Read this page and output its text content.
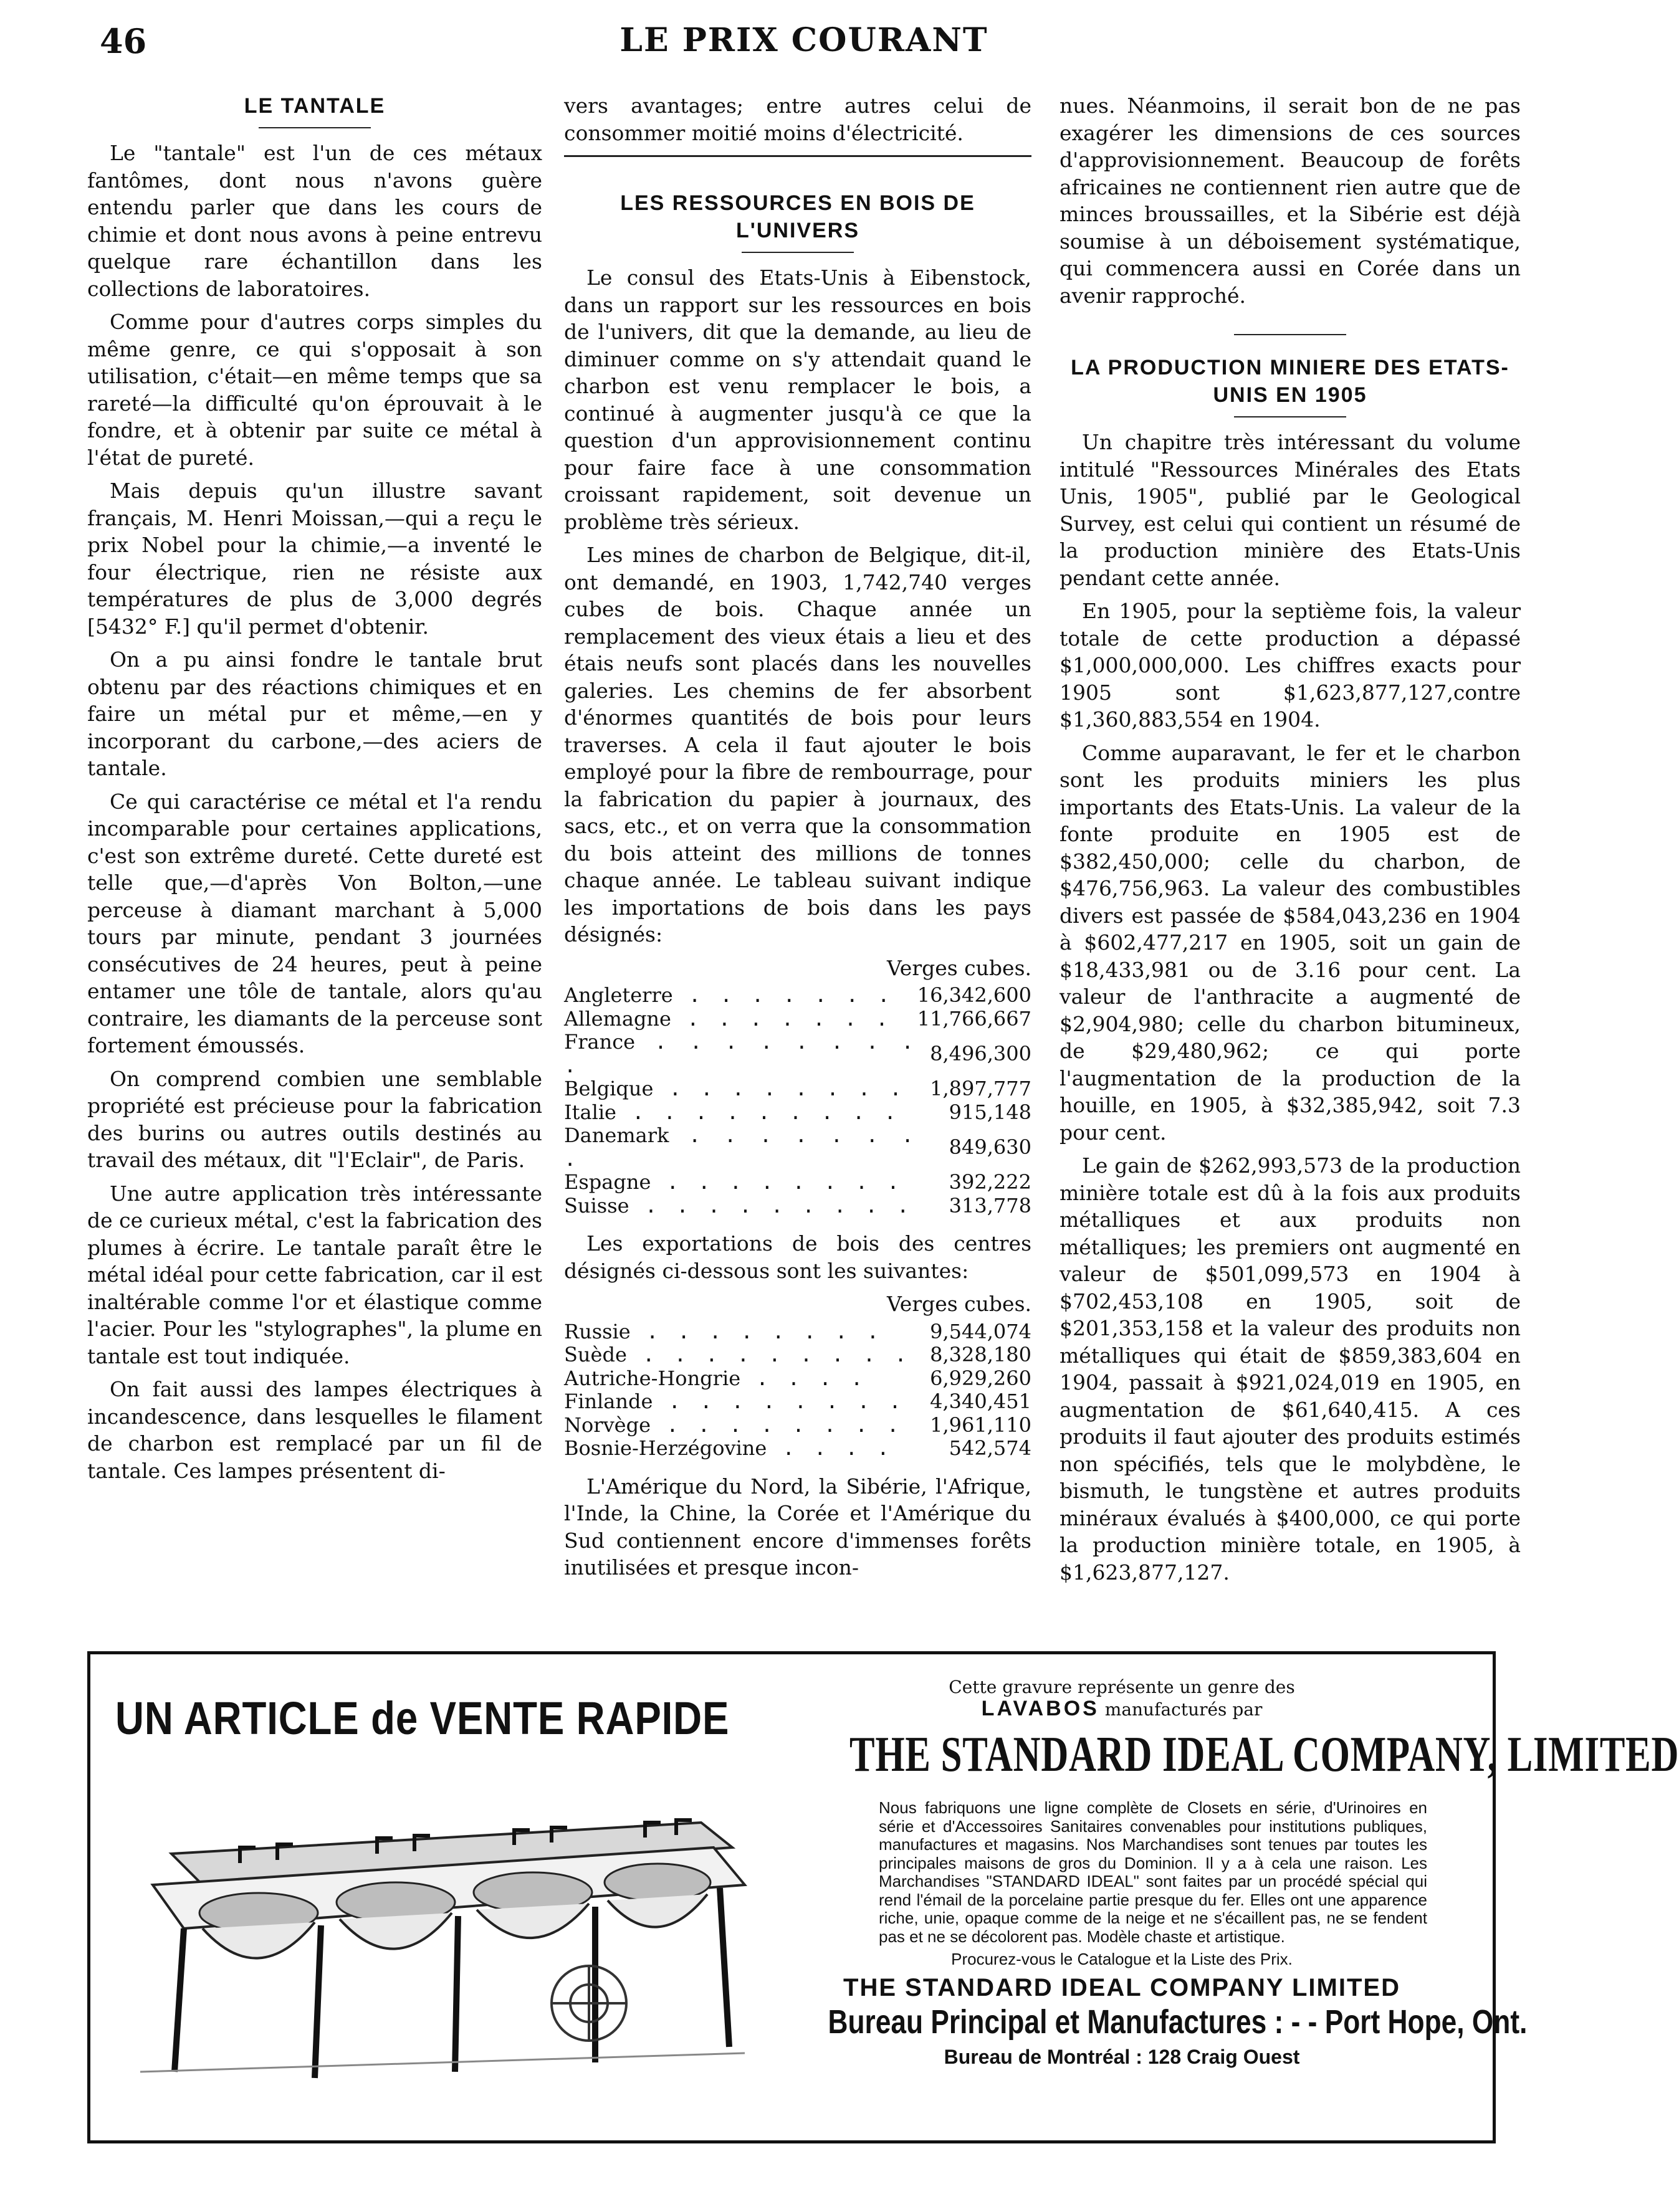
46	LE PRIX COURANT
LE TANTALE

Le "tantale" est l'un de ces métaux fantômes, dont nous n'avons guère entendu parler que dans les cours de chimie et dont nous avons à peine entrevu quelque rare échantillon dans les collections de laboratoires.

Comme pour d'autres corps simples du même genre, ce qui s'opposait à son utilisation, c'était—en même temps que sa rareté—la difficulté qu'on éprouvait à le fondre, et à obtenir par suite ce métal à l'état de pureté.

Mais depuis qu'un illustre savant français, M. Henri Moissan,—qui a reçu le prix Nobel pour la chimie,—a inventé le four électrique, rien ne résiste aux températures de plus de 3,000 degrés [5432° F.] qu'il permet d'obtenir.

On a pu ainsi fondre le tantale brut obtenu par des réactions chimiques et en faire un métal pur et même,—en y incorporant du carbone,—des aciers de tantale.

Ce qui caractérise ce métal et l'a rendu incomparable pour certaines applications, c'est son extrême dureté. Cette dureté est telle que,—d'après Von Bolton,—une perceuse à diamant marchant à 5,000 tours par minute, pendant 3 journées consécutives de 24 heures, peut à peine entamer une tôle de tantale, alors qu'au contraire, les diamants de la perceuse sont fortement émoussés.

On comprend combien une semblable propriété est précieuse pour la fabrication des burins ou autres outils destinés au travail des métaux, dit "l'Eclair", de Paris.

Une autre application très intéressante de ce curieux métal, c'est la fabrication des plumes à écrire. Le tantale paraît être le métal idéal pour cette fabrication, car il est inaltérable comme l'or et élastique comme l'acier. Pour les "stylographes", la plume en tantale est tout indiquée.

On fait aussi des lampes électriques à incandescence, dans lesquelles le filament de charbon est remplacé par un fil de tantale. Ces lampes présentent di-

vers avantages; entre autres celui de consommer moitié moins d'électricité.

LES RESSOURCES EN BOIS DE L'UNIVERS

Le consul des Etats-Unis à Eibenstock, dans un rapport sur les ressources en bois de l'univers, dit que la demande, au lieu de diminuer comme on s'y attendait quand le charbon est venu remplacer le bois, a continué à augmenter jusqu'à ce que la question d'un approvisionnement continu pour faire face à une consommation croissant rapidement, soit devenue un problème très sérieux.

Les mines de charbon de Belgique, dit-il, ont demandé, en 1903, 1,742,740 verges cubes de bois. Chaque année un remplacement des vieux étais a lieu et des étais neufs sont placés dans les nouvelles galeries. Les chemins de fer absorbent d'énormes quantités de bois pour leurs traverses. A cela il faut ajouter le bois employé pour la fibre de rembourrage, pour la fabrication du papier à journaux, des sacs, etc., et on verra que la consommation du bois atteint des millions de tonnes chaque année. Le tableau suivant indique les importations de bois dans les pays désignés:

Verges cubes.
Angleterre . . . . . . .	16,342,600
Allemagne . . . . . . .	11,766,667
France . . . . . . . . .	8,496,300
Belgique . . . . . . . .	1,897,777
Italie . . . . . . . . .	915,148
Danemark . . . . . . . .	849,630
Espagne . . . . . . . .	392,222
Suisse . . . . . . . . .	313,778

Les exportations de bois des centres désignés ci-dessous sont les suivantes:

Verges cubes.
Russie . . . . . . . .	9,544,074
Suède . . . . . . . . .	8,328,180
Autriche-Hongrie . . . .	6,929,260
Finlande . . . . . . . .	4,340,451
Norvège . . . . . . . .	1,961,110
Bosnie-Herzégovine . . . .	542,574

L'Amérique du Nord, la Sibérie, l'Afrique, l'Inde, la Chine, la Corée et l'Amérique du Sud contiennent encore d'immenses forêts inutilisées et presque incon-

nues. Néanmoins, il serait bon de ne pas exagérer les dimensions de ces sources d'approvisionnement. Beaucoup de forêts africaines ne contiennent rien autre que de minces broussailles, et la Sibérie est déjà soumise à un déboisement systématique, qui commencera aussi en Corée dans un avenir rapproché.

LA PRODUCTION MINIERE DES ETATS-UNIS EN 1905

Un chapitre très intéressant du volume intitulé "Ressources Minérales des Etats Unis, 1905", publié par le Geological Survey, est celui qui contient un résumé de la production minière des Etats-Unis pendant cette année.

En 1905, pour la septième fois, la valeur totale de cette production a dépassé $1,000,000,000. Les chiffres exacts pour 1905 sont $1,623,877,127,contre $1,360,883,554 en 1904.

Comme auparavant, le fer et le charbon sont les produits miniers les plus importants des Etats-Unis. La valeur de la fonte produite en 1905 est de $382,450,000; celle du charbon, de $476,756,963. La valeur des combustibles divers est passée de $584,043,236 en 1904 à $602,477,217 en 1905, soit un gain de $18,433,981 ou de 3.16 pour cent. La valeur de l'anthracite a augmenté de $2,904,980; celle du charbon bitumineux, de $29,480,962; ce qui porte l'augmentation de la production de la houille, en 1905, à $32,385,942, soit 7.3 pour cent.

Le gain de $262,993,573 de la production minière totale est dû à la fois aux produits métalliques et aux produits non métalliques; les premiers ont augmenté en valeur de $501,099,573 en 1904 à $702,453,108 en 1905, soit de $201,353,158 et la valeur des produits non métalliques qui était de $859,383,604 en 1904, passait à $921,024,019 en 1905, en augmentation de $61,640,415. A ces produits il faut ajouter des produits estimés non spécifiés, tels que le molybdène, le bismuth, le tungstène et autres produits minéraux évalués à $400,000, ce qui porte la production minière totale, en 1905, à $1,623,877,127.

UN ARTICLE de VENTE RAPIDE
Cette gravure représente un genre des
LAVABOS manufacturés par
THE STANDARD IDEAL COMPANY, LIMITED
Nous fabriquons une ligne complète de Closets en série, d'Urinoires en série et d'Accessoires Sanitaires convenables pour institutions publiques, manufactures et magasins. Nos Marchandises sont tenues par toutes les principales maisons de gros du Dominion. Il y a à cela une raison. Les Marchandises "STANDARD IDEAL" sont faites par un procédé spécial qui rend l'émail de la porcelaine partie presque du fer. Elles ont une apparence riche, unie, opaque comme de la neige et ne s'écaillent pas, ne se fendent pas et ne se décolorent pas. Modèle chaste et artistique.
Procurez-vous le Catalogue et la Liste des Prix.
THE STANDARD IDEAL COMPANY LIMITED
Bureau Principal et Manufactures : - - Port Hope, Ont.
Bureau de Montréal : 128 Craig Ouest
